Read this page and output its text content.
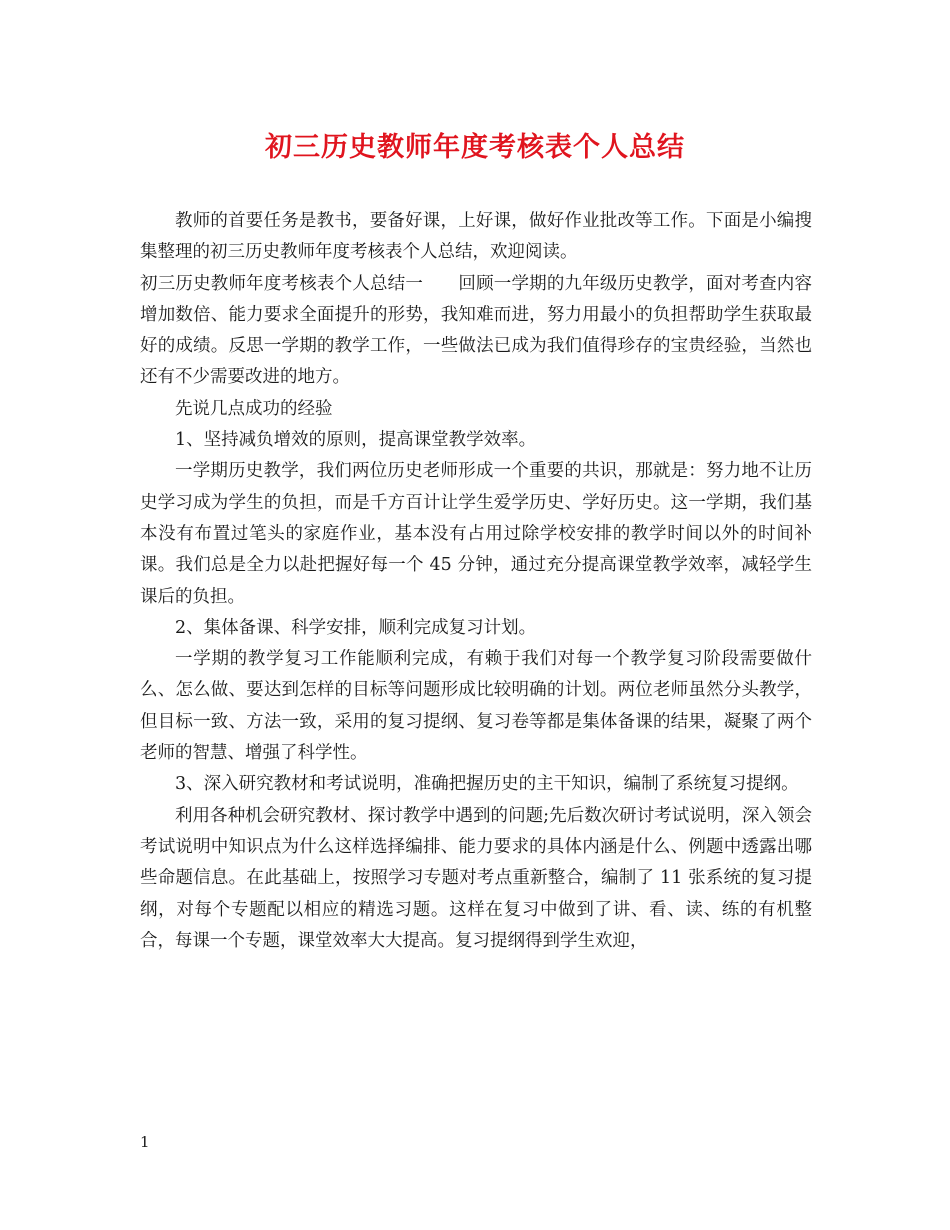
初三历史教师年度考核表个人总结

教师的首要任务是教书，要备好课，上好课，做好作业批改等工作。下面是小编搜集整理的初三历史教师年度考核表个人总结，欢迎阅读。

初三历史教师年度考核表个人总结一　　回顾一学期的九年级历史教学，面对考查内容增加数倍、能力要求全面提升的形势，我知难而进，努力用最小的负担帮助学生获取最好的成绩。反思一学期的教学工作，一些做法已成为我们值得珍存的宝贵经验，当然也还有不少需要改进的地方。

先说几点成功的经验

1、坚持减负增效的原则，提高课堂教学效率。

一学期历史教学，我们两位历史老师形成一个重要的共识，那就是：努力地不让历史学习成为学生的负担，而是千方百计让学生爱学历史、学好历史。这一学期，我们基本没有布置过笔头的家庭作业，基本没有占用过除学校安排的教学时间以外的时间补课。我们总是全力以赴把握好每一个 45 分钟，通过充分提高课堂教学效率，减轻学生课后的负担。

2、集体备课、科学安排，顺利完成复习计划。

一学期的教学复习工作能顺利完成，有赖于我们对每一个教学复习阶段需要做什么、怎么做、要达到怎样的目标等问题形成比较明确的计划。两位老师虽然分头教学，但目标一致、方法一致，采用的复习提纲、复习卷等都是集体备课的结果，凝聚了两个老师的智慧、增强了科学性。

3、深入研究教材和考试说明，准确把握历史的主干知识，编制了系统复习提纲。

利用各种机会研究教材、探讨教学中遇到的问题;先后数次研讨考试说明，深入领会考试说明中知识点为什么这样选择编排、能力要求的具体内涵是什么、例题中透露出哪些命题信息。在此基础上，按照学习专题对考点重新整合，编制了 11 张系统的复习提纲，对每个专题配以相应的精选习题。这样在复习中做到了讲、看、读、练的有机整合，每课一个专题，课堂效率大大提高。复习提纲得到学生欢迎，

1
